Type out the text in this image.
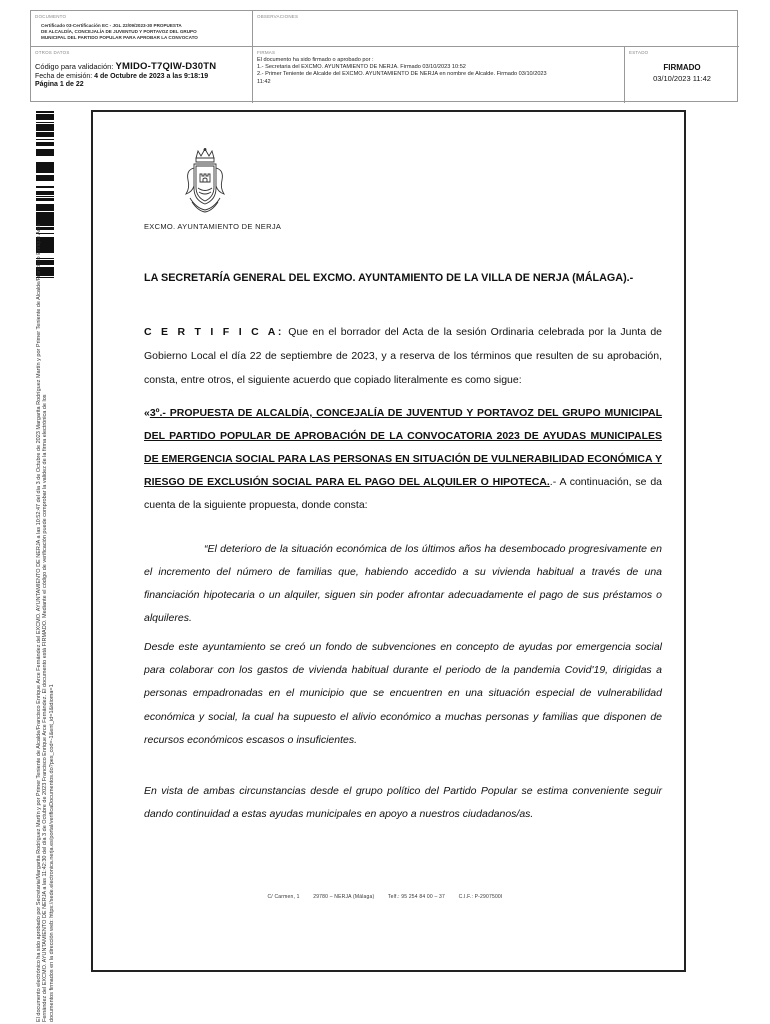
DOCUMENTO
Certificado 03-Certificación EC - JGL 22/09/2023-30 PROPUESTA
DE ALCALDÍA, CONCEJALÍA DE JUVENTUD Y PORTAVOZ DEL GRUPO
MUNICIPAL DEL PARTIDO POPULAR PARA APROBAR LA CONVOCATO
OBSERVACIONES
OTROS DATOS
Código para validación: YMIDO-T7QIW-D30TN
Fecha de emisión: 4 de Octubre de 2023 a las 9:18:19
Página 1 de 22
FIRMAS
El documento ha sido firmado o aprobado por :
1.- Secretaria del EXCMO. AYUNTAMIENTO DE NERJA. Firmado 03/10/2023 10:52
2.- Primer Teniente de Alcalde del EXCMO. AYUNTAMIENTO DE NERJA en nombre de Alcalde. Firmado 03/10/2023
11:42
ESTADO
FIRMADO
03/10/2023 11:42
El documento electrónico ha sido aprobado por Secretaria/Margarita Rodríguez Martín y por Primer Teniente de Alcalde/Francisco Enrique Arce Fernández del EXCMO. AYUNTAMIENTO DE NERJA a las 10:52:47 del día 3 de Octubre de 2023 Margarita Rodríguez Martín y por Primer Teniente de Alcalde/Francisco Enrique Arce
Fernández del EXCMO. AYUNTAMIENTO DE NERJA a las 11:42:30 del día 3 de Octubre de 2023 Francisco Enrique Arce Fernández. El documento está FIRMADO. Mediante el código de verificación puede comprobar la validez de la firma electrónica de los
documentos firmados en la dirección web: https://sede.electronica.nerja.es/portal/verificaDocumentos.do?pes_cod=-1&ent_id=1&idioma=1
EXCMO. AYUNTAMIENTO DE NERJA
LA SECRETARÍA GENERAL DEL EXCMO. AYUNTAMIENTO DE LA VILLA DE NERJA (MÁLAGA).-
C E R T I F I C A: Que en el borrador del Acta de la sesión Ordinaria celebrada por la Junta de Gobierno Local el día 22 de septiembre de 2023, y a reserva de los términos que resulten de su aprobación, consta, entre otros, el siguiente acuerdo que copiado literalmente es como sigue:
«3º.- PROPUESTA DE ALCALDÍA, CONCEJALÍA DE JUVENTUD Y PORTAVOZ DEL GRUPO MUNICIPAL DEL PARTIDO POPULAR DE APROBACIÓN DE LA CONVOCATORIA 2023 DE AYUDAS MUNICIPALES DE EMERGENCIA SOCIAL PARA LAS PERSONAS EN SITUACIÓN DE VULNERABILIDAD ECONÓMICA Y RIESGO DE EXCLUSIÓN SOCIAL PARA EL PAGO DEL ALQUILER O HIPOTECA..- A continuación, se da cuenta de la siguiente propuesta, donde consta:
“El deterioro de la situación económica de los últimos años ha desembocado progresivamente en el incremento del número de familias que, habiendo accedido a su vivienda habitual a través de una financiación hipotecaria o un alquiler, siguen sin poder afrontar adecuadamente el pago de sus préstamos o alquileres.
Desde este ayuntamiento se creó un fondo de subvenciones en concepto de ayudas por emergencia social para colaborar con los gastos de vivienda habitual durante el periodo de la pandemia Covid'19, dirigidas a personas empadronadas en el municipio que se encuentren en una situación especial de vulnerabilidad económica y social, la cual ha supuesto el alivio económico a muchas personas y familias que disponen de recursos económicos escasos o insuficientes.
En vista de ambas circunstancias desde el grupo político del Partido Popular se estima conveniente seguir dando continuidad a estas ayudas municipales en apoyo a nuestros ciudadanos/as.
C/ Carmen, 1	29780 – NERJA (Málaga)	Telf.: 95 254 84 00 – 37	C.I.F.: P-2907500I
